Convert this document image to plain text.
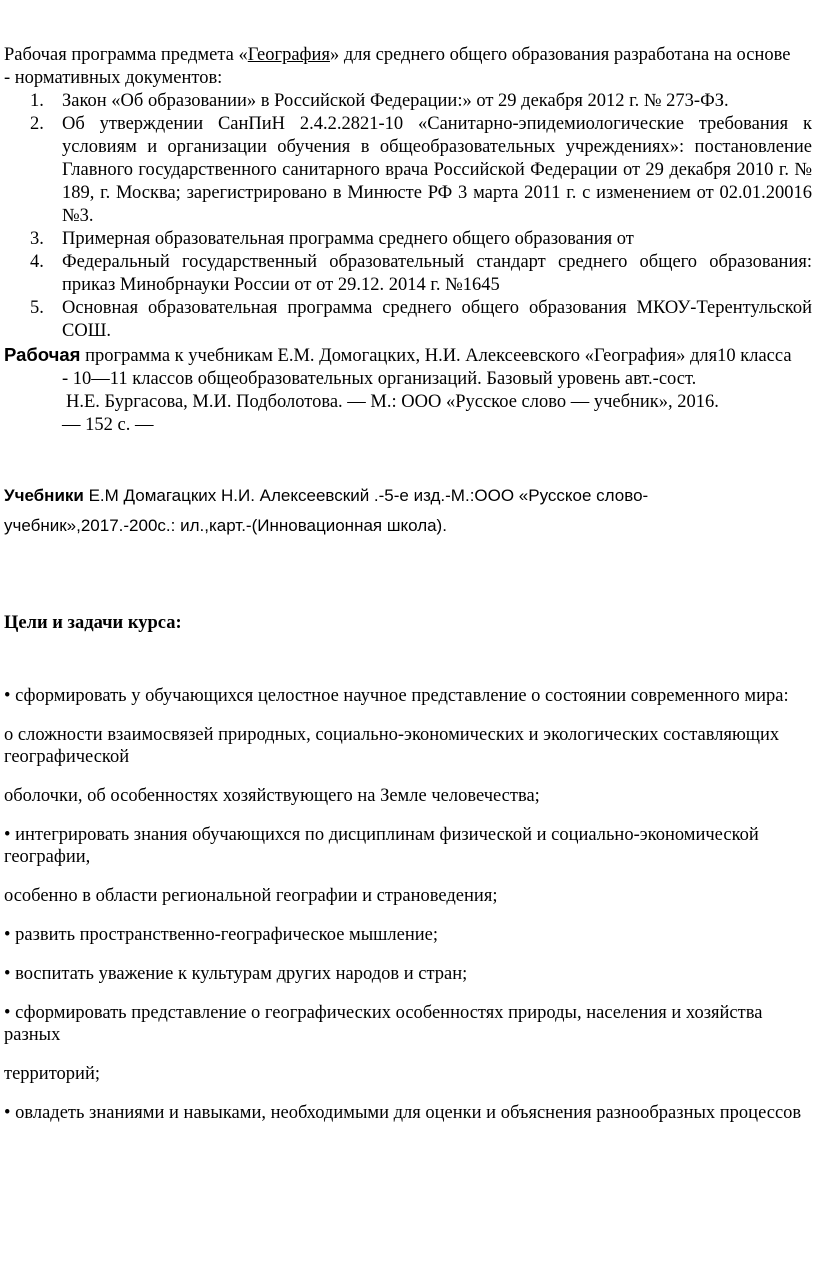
Рабочая программа предмета «География» для среднего общего образования разработана на основе

- нормативных документов:

1. Закон «Об образовании» в Российской Федерации:» от 29 декабря 2012 г. № 273-ФЗ.
2. Об утверждении СанПиН 2.4.2.2821-10 «Санитарно-эпидемиологические требования к условиям и организации обучения в общеобразовательных учреждениях»: постановление Главного государственного санитарного врача Российской Федерации от 29 декабря 2010 г. № 189, г. Москва; зарегистрировано в Минюсте РФ 3 марта 2011 г. с изменением от 02.01.20016 №3.
3. Примерная образовательная программа среднего общего образования от
4. Федеральный государственный образовательный стандарт среднего общего образования: приказ Минобрнауки России от от 29.12. 2014 г. №1645
5. Основная образовательная программа среднего общего образования МКОУ-Терентульской СОШ.

Рабочая программа к учебникам Е.М. Домогацких, Н.И. Алексеевского «География» для10 класса

- 10—11 классов общеобразовательных организаций. Базовый уровень авт.-сост.

Н.Е. Бургасова, М.И. Подболотова. — М.: ООО «Русское слово — учебник», 2016.

— 152 с. —

Учебники Е.М Домагацких Н.И. Алексеевский .-5-е изд.-М.:ООО «Русское слово-учебник»,2017.-200с.: ил.,карт.-(Инновационная школа).

Цели и задачи курса:

• сформировать у обучающихся целостное научное представление о состоянии современного мира:

о сложности взаимосвязей природных, социально-экономических и экологических составляющих географической

оболочки, об особенностях хозяйствующего на Земле человечества;

• интегрировать знания обучающихся по дисциплинам физической и социально-экономической географии,

особенно в области региональной географии и страноведения;

• развить пространственно-географическое мышление;

• воспитать уважение к культурам других народов и стран;

• сформировать представление о географических особенностях природы, населения и хозяйства разных

территорий;

• овладеть знаниями и навыками, необходимыми для оценки и объяснения разнообразных процессов
